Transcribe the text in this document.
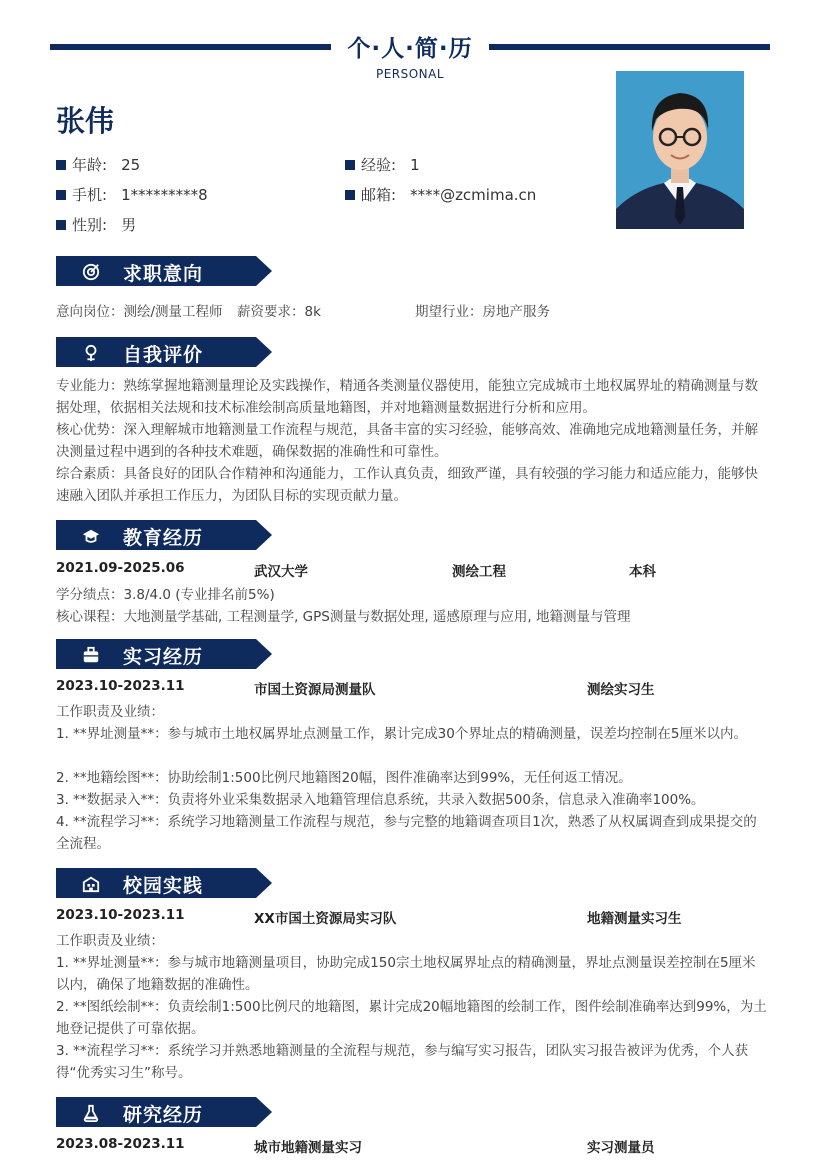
个·人·简·历
PERSONAL
张伟
年龄: 25	经验: 1
手机: 1*********8	邮箱: ****@zcmima.cn
性别: 男
求职意向
意向岗位：测绘/测量工程师 薪资要求：8k	期望行业：房地产服务
自我评价
专业能力：熟练掌握地籍测量理论及实践操作，精通各类测量仪器使用，能独立完成城市土地权属界址的精确测量与数据处理，依据相关法规和技术标准绘制高质量地籍图，并对地籍测量数据进行分析和应用。
核心优势：深入理解城市地籍测量工作流程与规范，具备丰富的实习经验，能够高效、准确地完成地籍测量任务，并解决测量过程中遇到的各种技术难题，确保数据的准确性和可靠性。
综合素质：具备良好的团队合作精神和沟通能力，工作认真负责，细致严谨，具有较强的学习能力和适应能力，能够快速融入团队并承担工作压力，为团队目标的实现贡献力量。
教育经历
2021.09-2025.06	武汉大学	测绘工程	本科
学分绩点：3.8/4.0 (专业排名前5%)
核心课程：大地测量学基础, 工程测量学, GPS测量与数据处理, 遥感原理与应用, 地籍测量与管理
实习经历
2023.10-2023.11	市国土资源局测量队	测绘实习生
工作职责及业绩：
1. **界址测量**：参与城市土地权属界址点测量工作，累计完成30个界址点的精确测量，误差均控制在5厘米以内。
2. **地籍绘图**：协助绘制1:500比例尺地籍图20幅，图件准确率达到99%，无任何返工情况。
3. **数据录入**：负责将外业采集数据录入地籍管理信息系统，共录入数据500条，信息录入准确率100%。
4. **流程学习**：系统学习地籍测量工作流程与规范，参与完整的地籍调查项目1次，熟悉了从权属调查到成果提交的全流程。
校园实践
2023.10-2023.11	XX市国土资源局实习队	地籍测量实习生
工作职责及业绩：
1. **界址测量**：参与城市地籍测量项目，协助完成150宗土地权属界址点的精确测量，界址点测量误差控制在5厘米以内，确保了地籍数据的准确性。
2. **图纸绘制**：负责绘制1:500比例尺的地籍图，累计完成20幅地籍图的绘制工作，图件绘制准确率达到99%，为土地登记提供了可靠依据。
3. **流程学习**：系统学习并熟悉地籍测量的全流程与规范，参与编写实习报告，团队实习报告被评为优秀，个人获得“优秀实习生”称号。
研究经历
2023.08-2023.11	城市地籍测量实习	实习测量员
